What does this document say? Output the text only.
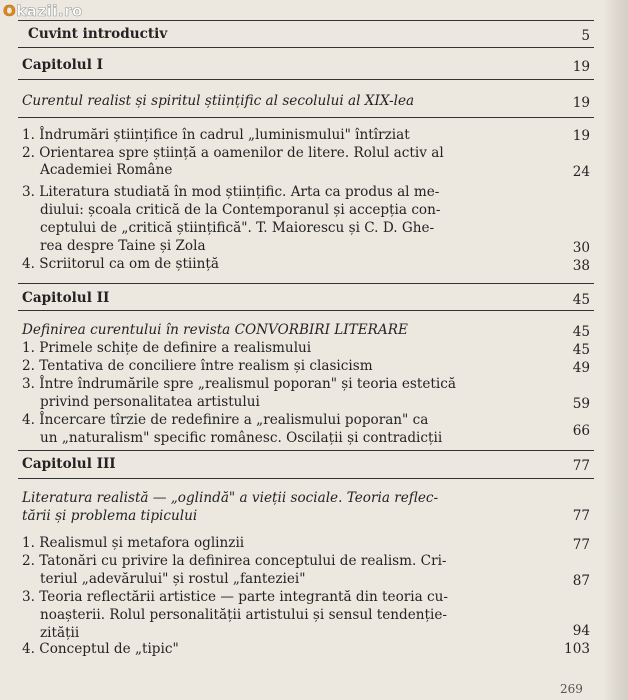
Okazii.ro
Cuvint introductiv	5
Capitolul I	19
Curentul realist și spiritul științific al secolului al XIX-lea	19
1. Îndrumări științifice în cadrul „luminismului" întîrziat	19
2. Orientarea spre știință a oamenilor de litere. Rolul activ al
Academiei Române	24
3. Literatura studiată în mod științific. Arta ca produs al me-
diului: școala critică de la Contemporanul și accepția con-
ceptului de „critică științifică". T. Maiorescu și C. D. Ghe-
rea despre Taine și Zola	30
4. Scriitorul ca om de știință	38
Capitolul II	45
Definirea curentului în revista CONVORBIRI LITERARE	45
1. Primele schițe de definire a realismului	45
2. Tentativa de conciliere între realism și clasicism	49
3. Între îndrumările spre „realismul poporan" și teoria estetică
privind personalitatea artistului	59
4. Încercare tîrzie de redefinire a „realismului poporan" ca
un „naturalism" specific românesc. Oscilații și contradicții	66
Capitolul III	77
Literatura realistă — „oglindă" a vieții sociale. Teoria reflec-
tării și problema tipicului	77
1. Realismul și metafora oglinzii	77
2. Tatonări cu privire la definirea conceptului de realism. Cri-
teriul „adevărului" și rostul „fanteziei"	87
3. Teoria reflectării artistice — parte integrantă din teoria cu-
noașterii. Rolul personalității artistului și sensul tendenție-
zității	94
4. Conceptul de „tipic"	103
269
